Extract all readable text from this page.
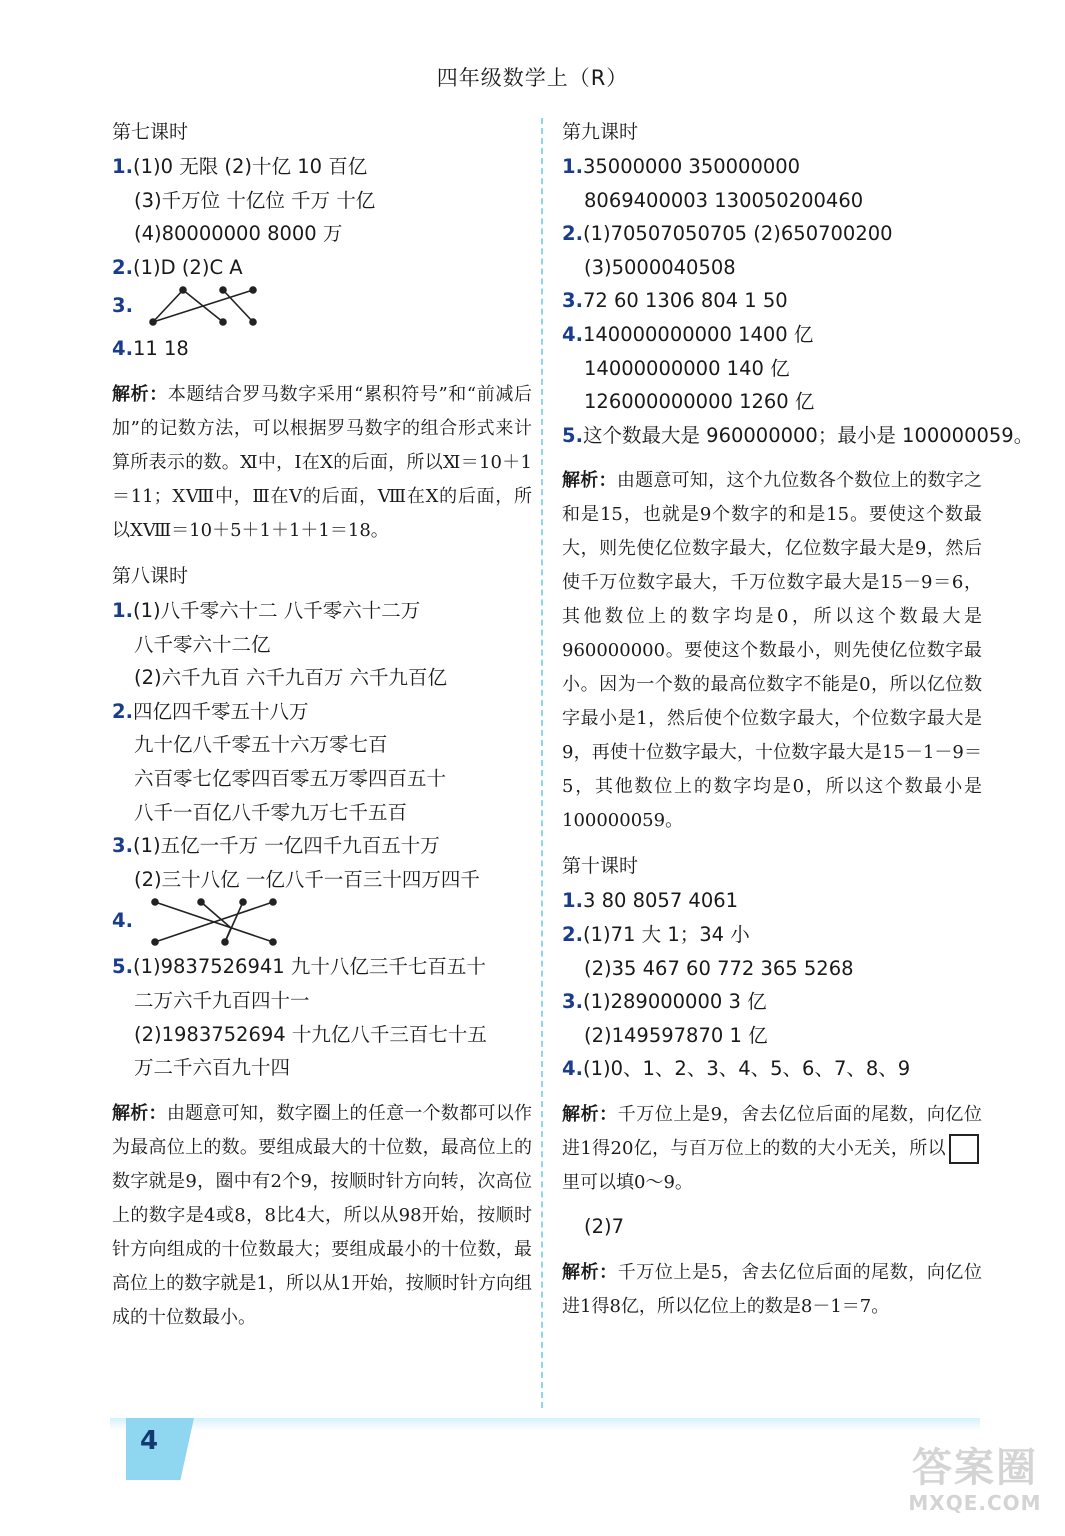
四年级数学上（R）
第七课时
1.(1)0 无限 (2)十亿 10 百亿
(3)千万位 十亿位 千万 十亿
(4)80000000 8000 万
2.(1)D (2)C A
3.
4.11 18
解析：本题结合罗马数字采用“累积符号”和“前减后加”的记数方法，可以根据罗马数字的组合形式来计算所表示的数。Ⅺ中，Ⅰ在Ⅹ的后面，所以Ⅺ＝10＋1＝11；ⅩⅧ中，Ⅲ在Ⅴ的后面，Ⅷ在Ⅹ的后面，所以ⅩⅧ＝10＋5＋1＋1＋1＝18。
第八课时
1.(1)八千零六十二 八千零六十二万
八千零六十二亿
(2)六千九百 六千九百万 六千九百亿
2.四亿四千零五十八万
九十亿八千零五十六万零七百
六百零七亿零四百零五万零四百五十
八千一百亿八千零九万七千五百
3.(1)五亿一千万 一亿四千九百五十万
(2)三十八亿 一亿八千一百三十四万四千
4.
5.(1)9837526941 九十八亿三千七百五十
二万六千九百四十一
(2)1983752694 十九亿八千三百七十五
万二千六百九十四
解析：由题意可知，数字圈上的任意一个数都可以作为最高位上的数。要组成最大的十位数，最高位上的数字就是9，圈中有2个9，按顺时针方向转，次高位上的数字是4或8，8比4大，所以从98开始，按顺时针方向组成的十位数最大；要组成最小的十位数，最高位上的数字就是1，所以从1开始，按顺时针方向组成的十位数最小。
第九课时
1.35000000 350000000
8069400003 130050200460
2.(1)70507050705 (2)650700200
(3)5000040508
3.72 60 1306 804 1 50
4.140000000000 1400 亿
14000000000 140 亿
126000000000 1260 亿
5.这个数最大是 960000000；最小是 100000059。
解析：由题意可知，这个九位数各个数位上的数字之和是15，也就是9个数字的和是15。要使这个数最大，则先使亿位数字最大，亿位数字最大是9，然后使千万位数字最大，千万位数字最大是15－9＝6，其他数位上的数字均是0，所以这个数最大是960000000。要使这个数最小，则先使亿位数字最小。因为一个数的最高位数字不能是0，所以亿位数字最小是1，然后使个位数字最大，个位数字最大是9，再使十位数字最大，十位数字最大是15－1－9＝5，其他数位上的数字均是0，所以这个数最小是100000059。
第十课时
1.3 80 8057 4061
2.(1)71 大 1；34 小
(2)35 467 60 772 365 5268
3.(1)289000000 3 亿
(2)149597870 1 亿
4.(1)0、1、2、3、4、5、6、7、8、9
解析：千万位上是9，舍去亿位后面的尾数，向亿位进1得20亿，与百万位上的数的大小无关，所以里可以填0～9。
(2)7
解析：千万位上是5，舍去亿位后面的尾数，向亿位进1得8亿，所以亿位上的数是8－1＝7。
4
答案圈
MXQE.COM
